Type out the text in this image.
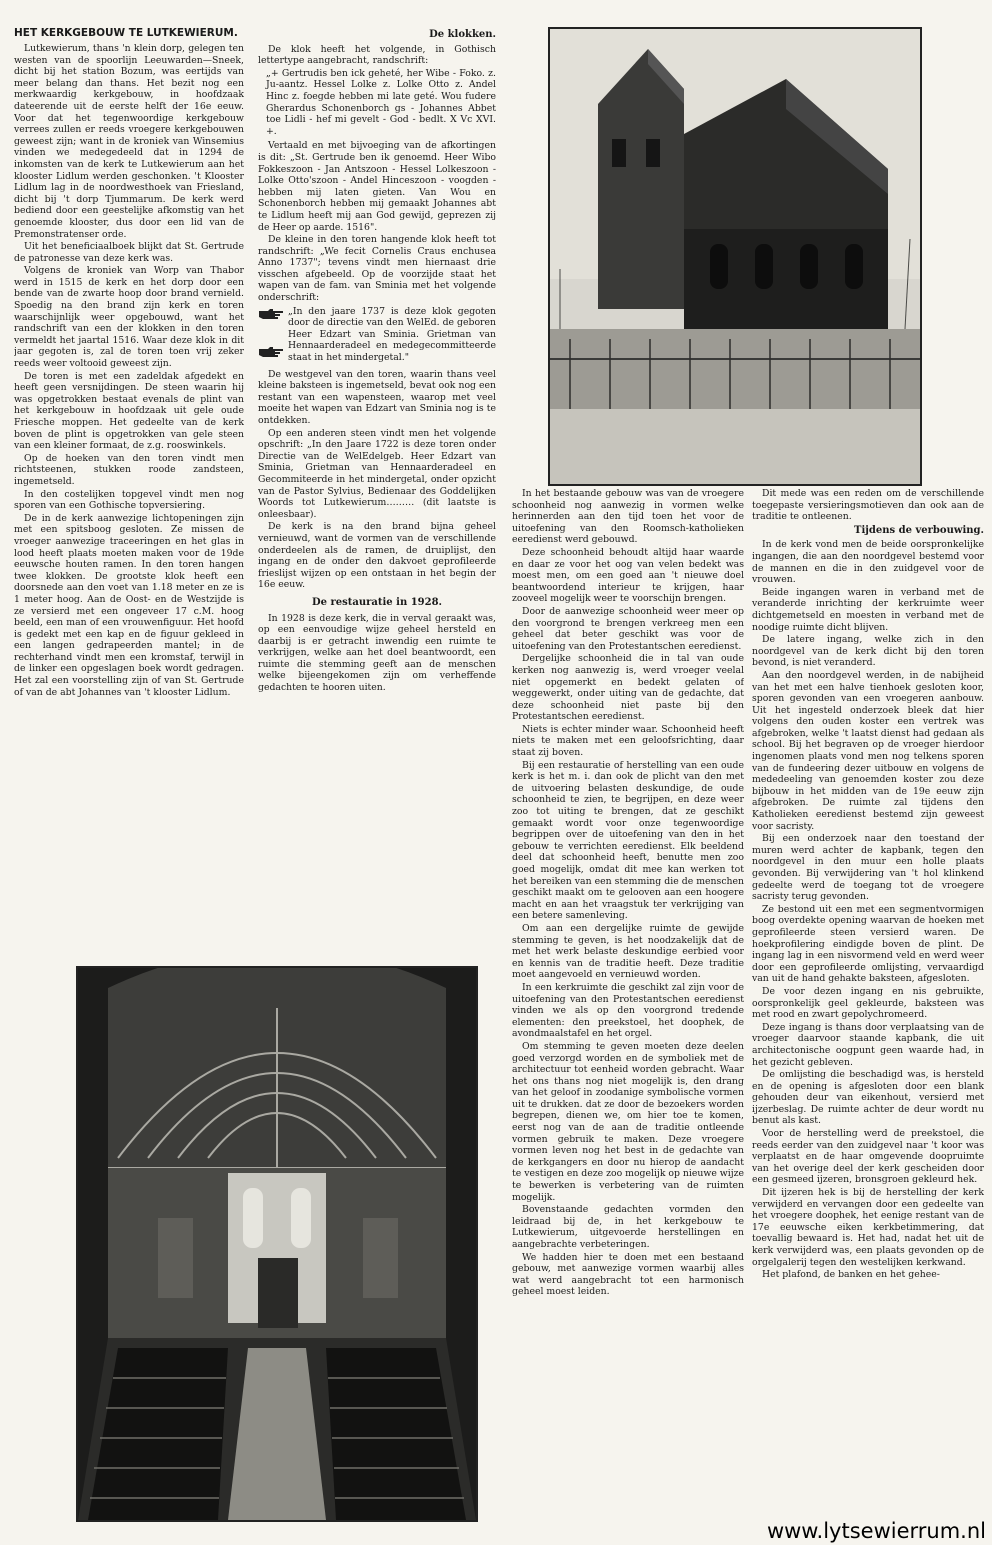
HET KERKGEBOUW TE LUTKEWIERUM.

Lutkewierum, thans 'n klein dorp, gelegen ten westen van de spoorlijn Leeuwarden—Sneek, dicht bij het station Bozum, was eertijds van meer belang dan thans. Het bezit nog een merkwaardig kerkgebouw, in hoofdzaak dateerende uit de eerste helft der 16e eeuw. Voor dat het tegenwoordige kerkgebouw verrees zullen er reeds vroegere kerkgebouwen geweest zijn; want in de kroniek van Winsemius vinden we medegedeeld dat in 1294 de inkomsten van de kerk te Lutkewierum aan het klooster Lidlum werden geschonken. 't Klooster Lidlum lag in de noordwesthoek van Friesland, dicht bij 't dorp Tjummarum. De kerk werd bediend door een geestelijke afkomstig van het genoemde klooster, dus door een lid van de Premonstratenser orde.

Uit het beneficiaalboek blijkt dat St. Gertrude de patronesse van deze kerk was.

Volgens de kroniek van Worp van Thabor werd in 1515 de kerk en het dorp door een bende van de zwarte hoop door brand vernield. Spoedig na den brand zijn kerk en toren waarschijnlijk weer opgebouwd, want het randschrift van een der klokken in den toren vermeldt het jaartal 1516. Waar deze klok in dit jaar gegoten is, zal de toren toen vrij zeker reeds weer voltooid geweest zijn.

De toren is met een zadeldak afgedekt en heeft geen versnijdingen. De steen waarin hij was opgetrokken bestaat evenals de plint van het kerkgebouw in hoofdzaak uit gele oude Friesche moppen. Het gedeelte van de kerk boven de plint is opgetrokken van gele steen van een kleiner formaat, de z.g. rooswinkels.

Op de hoeken van den toren vindt men richtsteenen, stukken roode zandsteen, ingemetseld.

In den costelijken topgevel vindt men nog sporen van een Gothische topversiering.

De in de kerk aanwezige lichtopeningen zijn met een spitsboog gesloten. Ze missen de vroeger aanwezige traceeringen en het glas in lood heeft plaats moeten maken voor de 19de eeuwsche houten ramen. In den toren hangen twee klokken. De grootste klok heeft een doorsnede aan den voet van 1.18 meter en ze is 1 meter hoog. Aan de Oost- en de Westzijde is ze versierd met een ongeveer 17 c.M. hoog beeld, een man of een vrouwenfiguur. Het hoofd is gedekt met een kap en de figuur gekleed in een langen gedrapeerden mantel; in de rechterhand vindt men een kromstaf, terwijl in de linker een opgeslagen boek wordt gedragen. Het zal een voorstelling zijn of van St. Gertrude of van de abt Johannes van 't klooster Lidlum.

De klokken.

De klok heeft het volgende, in Gothisch lettertype aangebracht, randschrift:

„+ Gertrudis ben ick geheté, her Wibe - Foko. z. Ju-aantz. Hessel Lolke z. Lolke Otto z. Andel Hinc z. foegde hebben mi late geté. Wou fudere Gherardus Schonenborch gs - Johannes Abbet toe Lidli - hef mi gevelt - God - bedlt. X Vc XVI. +.

Vertaald en met bijvoeging van de afkortingen is dit: „St. Gertrude ben ik genoemd. Heer Wibo Fokkeszoon - Jan Antszoon - Hessel Lolkeszoon - Lolke Otto'szoon - Andel Hinceszoon - voogden - hebben mij laten gieten. Van Wou en Schonenborch hebben mij gemaakt Johannes abt te Lidlum heeft mij aan God gewijd, geprezen zij de Heer op aarde. 1516".

De kleine in den toren hangende klok heeft tot randschrift: „We fecit Cornelis Craus enchusea Anno 1737"; tevens vindt men hiernaast drie visschen afgebeeld. Op de voorzijde staat het wapen van de fam. van Sminia met het volgende onderschrift:

„In den jaare 1737 is deze klok gegoten door de directie van den WelEd. de geboren Heer Edzart van Sminia. Grietman van Hennaarderadeel en medegecommitteerde staat in het mindergetal."

De westgevel van den toren, waarin thans veel kleine baksteen is ingemetseld, bevat ook nog een restant van een wapensteen, waarop met veel moeite het wapen van Edzart van Sminia nog is te ontdekken.

Op een anderen steen vindt men het volgende opschrift: „In den Jaare 1722 is deze toren onder Directie van de WelEdelgeb. Heer Edzart van Sminia, Grietman van Hennaarderadeel en Gecommiteerde in het mindergetal, onder opzicht van de Pastor Sylvius, Bedienaar des Goddelijken Woords tot Lutkewierum……… (dit laatste is onleesbaar).

De kerk is na den brand bijna geheel vernieuwd, want de vormen van de verschillende onderdeelen als de ramen, de druiplijst, den ingang en de onder den dakvoet geprofileerde frieslijst wijzen op een ontstaan in het begin der 16e eeuw.

De restauratie in 1928.

In 1928 is deze kerk, die in verval geraakt was, op een eenvoudige wijze geheel hersteld en daarbij is er getracht inwendig een ruimte te verkrijgen, welke aan het doel beantwoordt, een ruimte die stemming geeft aan de menschen welke bijeengekomen zijn om verheffende gedachten te hooren uiten.

In het bestaande gebouw was van de vroegere schoonheid nog aanwezig in vormen welke herinnerden aan den tijd toen het voor de uitoefening van den Roomsch-katholieken eeredienst werd gebouwd.

Deze schoonheid behoudt altijd haar waarde en daar ze voor het oog van velen bedekt was moest men, om een goed aan 't nieuwe doel beantwoordend interieur te krijgen, haar zooveel mogelijk weer te voorschijn brengen.

Door de aanwezige schoonheid weer meer op den voorgrond te brengen verkreeg men een geheel dat beter geschikt was voor de uitoefening van den Protestantschen eeredienst.

Dergelijke schoonheid die in tal van oude kerken nog aanwezig is, werd vroeger veelal niet opgemerkt en bedekt gelaten of weggewerkt, onder uiting van de gedachte, dat deze schoonheid niet paste bij den Protestantschen eeredienst.

Niets is echter minder waar. Schoonheid heeft niets te maken met een geloofsrichting, daar staat zij boven.

Bij een restauratie of herstelling van een oude kerk is het m. i. dan ook de plicht van den met de uitvoering belasten deskundige, de oude schoonheid te zien, te begrijpen, en deze weer zoo tot uiting te brengen, dat ze geschikt gemaakt wordt voor onze tegenwoordige begrippen over de uitoefening van den in het gebouw te verrichten eeredienst. Elk beeldend deel dat schoonheid heeft, benutte men zoo goed mogelijk, omdat dit mee kan werken tot het bereiken van een stemming die de menschen geschikt maakt om te gelooven aan een hoogere macht en aan het vraagstuk ter verkrijging van een betere samenleving.

Om aan een dergelijke ruimte de gewijde stemming te geven, is het noodzakelijk dat de met het werk belaste deskundige eerbied voor en kennis van de traditie heeft. Deze traditie moet aangevoeld en vernieuwd worden.

In een kerkruimte die geschikt zal zijn voor de uitoefening van den Protestantschen eeredienst vinden we als op den voorgrond tredende elementen: den preekstoel, het doophek, de avondmaalstafel en het orgel.

Om stemming te geven moeten deze deelen goed verzorgd worden en de symboliek met de architectuur tot eenheid worden gebracht. Waar het ons thans nog niet mogelijk is, den drang van het geloof in zoodanige symbolische vormen uit te drukken. dat ze door de bezoekers worden begrepen, dienen we, om hier toe te komen, eerst nog van de aan de traditie ontleende vormen gebruik te maken. Deze vroegere vormen leven nog het best in de gedachte van de kerkgangers en door nu hierop de aandacht te vestigen en deze zoo mogelijk op nieuwe wijze te bewerken is verbetering van de ruimten mogelijk.

Bovenstaande gedachten vormden den leidraad bij de, in het kerkgebouw te Lutkewierum, uitgevoerde herstellingen en aangebrachte verbeteringen.

We hadden hier te doen met een bestaand gebouw, met aanwezige vormen waarbij alles wat werd aangebracht tot een harmonisch geheel moest leiden.

Dit mede was een reden om de verschillende toegepaste versieringsmotieven dan ook aan de traditie te ontleenen.

Tijdens de verbouwing.

In de kerk vond men de beide oorspronkelijke ingangen, die aan den noordgevel bestemd voor de mannen en die in den zuidgevel voor de vrouwen.

Beide ingangen waren in verband met de veranderde inrichting der kerkruimte weer dichtgemetseld en moesten in verband met de noodige ruimte dicht blijven.

De latere ingang, welke zich in den noordgevel van de kerk dicht bij den toren bevond, is niet veranderd.

Aan den noordgevel werden, in de nabijheid van het met een halve tienhoek gesloten koor, sporen gevonden van een vroegeren aanbouw. Uit het ingesteld onderzoek bleek dat hier volgens den ouden koster een vertrek was afgebroken, welke 't laatst dienst had gedaan als school. Bij het begraven op de vroeger hierdoor ingenomen plaats vond men nog telkens sporen van de fundeering dezer uitbouw en volgens de mededeeling van genoemden koster zou deze bijbouw in het midden van de 19e eeuw zijn afgebroken. De ruimte zal tijdens den Katholieken eeredienst bestemd zijn geweest voor sacristy.

Bij een onderzoek naar den toestand der muren werd achter de kapbank, tegen den noordgevel in den muur een holle plaats gevonden. Bij verwijdering van 't hol klinkend gedeelte werd de toegang tot de vroegere sacristy terug gevonden.

Ze bestond uit een met een segmentvormigen boog overdekte opening waarvan de hoeken met geprofileerde steen versierd waren. De hoekprofilering eindigde boven de plint. De ingang lag in een nisvormend veld en werd weer door een geprofileerde omlijsting, vervaardigd van uit de hand gehakte baksteen, afgesloten.

De voor dezen ingang en nis gebruikte, oorspronkelijk geel gekleurde, baksteen was met rood en zwart gepolychromeerd.

Deze ingang is thans door verplaatsing van de vroeger daarvoor staande kapbank, die uit architectonische oogpunt geen waarde had, in het gezicht gebleven.

De omlijsting die beschadigd was, is hersteld en de opening is afgesloten door een blank gehouden deur van eikenhout, versierd met ijzerbeslag. De ruimte achter de deur wordt nu benut als kast.

Voor de herstelling werd de preekstoel, die reeds eerder van den zuidgevel naar 't koor was verplaatst en de haar omgevende doopruimte van het overige deel der kerk gescheiden door een gesmeed ijzeren, bronsgroen gekleurd hek.

Dit ijzeren hek is bij de herstelling der kerk verwijderd en vervangen door een gedeelte van het vroegere doophek, het eenige restant van de 17e eeuwsche eiken kerkbetimmering, dat toevallig bewaard is. Het had, nadat het uit de kerk verwijderd was, een plaats gevonden op de orgelgalerij tegen den westelijken kerkwand.

Het plafond, de banken en het gehee-

www.lytsewierrum.nl
